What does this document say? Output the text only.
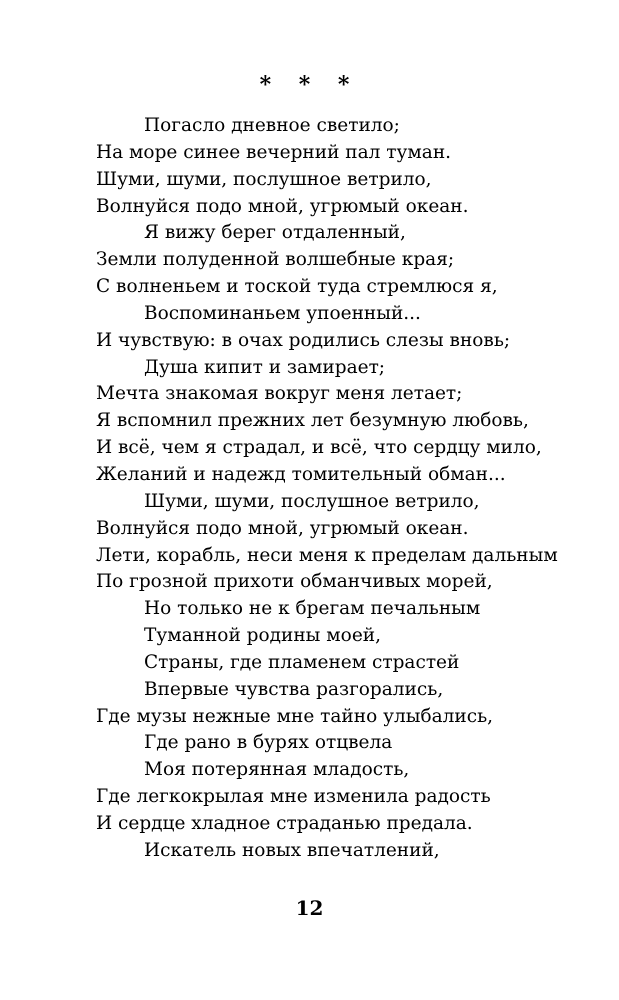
* * *
Погасло дневное светило;
На море синее вечерний пал туман.
Шуми, шуми, послушное ветрило,
Волнуйся подо мной, угрюмый океан.
Я вижу берег отдаленный,
Земли полуденной волшебные края;
С волненьем и тоской туда стремлюся я,
Воспоминаньем упоенный...
И чувствую: в очах родились слезы вновь;
Душа кипит и замирает;
Мечта знакомая вокруг меня летает;
Я вспомнил прежних лет безумную любовь,
И всё, чем я страдал, и всё, что сердцу мило,
Желаний и надежд томительный обман...
Шуми, шуми, послушное ветрило,
Волнуйся подо мной, угрюмый океан.
Лети, корабль, неси меня к пределам дальным
По грозной прихоти обманчивых морей,
Но только не к брегам печальным
Туманной родины моей,
Страны, где пламенем страстей
Впервые чувства разгорались,
Где музы нежные мне тайно улыбались,
Где рано в бурях отцвела
Моя потерянная младость,
Где легкокрылая мне изменила радость
И сердце хладное страданью предала.
Искатель новых впечатлений,
12
